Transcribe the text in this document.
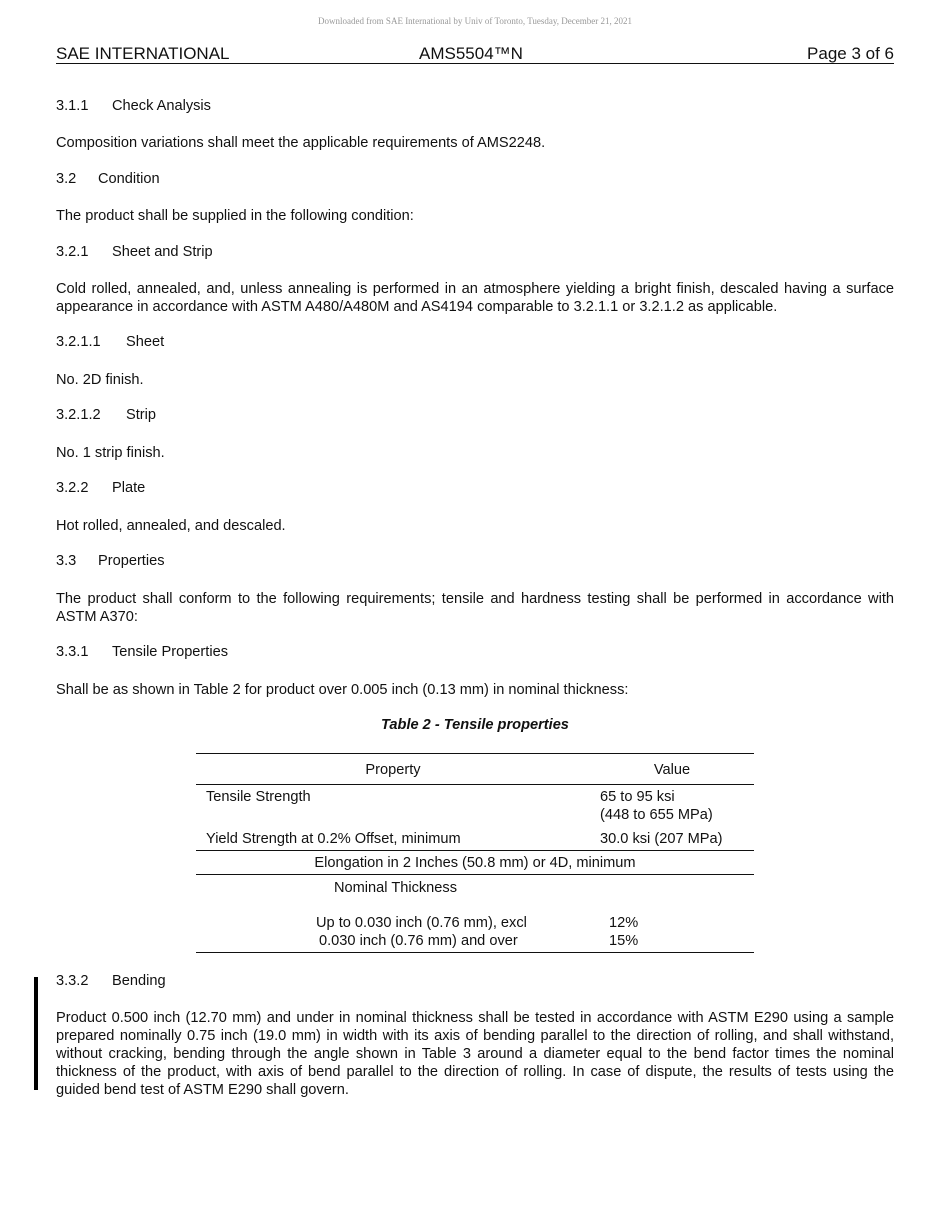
Downloaded from SAE International by Univ of Toronto, Tuesday, December 21, 2021
SAE INTERNATIONAL	AMS5504™N	Page 3 of 6
3.1.1 Check Analysis

Composition variations shall meet the applicable requirements of AMS2248.

3.2 Condition

The product shall be supplied in the following condition:

3.2.1 Sheet and Strip

Cold rolled, annealed, and, unless annealing is performed in an atmosphere yielding a bright finish, descaled having a surface appearance in accordance with ASTM A480/A480M and AS4194 comparable to 3.2.1.1 or 3.2.1.2 as applicable.

3.2.1.1 Sheet

No. 2D finish.

3.2.1.2 Strip

No. 1 strip finish.

3.2.2 Plate

Hot rolled, annealed, and descaled.

3.3 Properties

The product shall conform to the following requirements; tensile and hardness testing shall be performed in accordance with ASTM A370:

3.3.1 Tensile Properties

Shall be as shown in Table 2 for product over 0.005 inch (0.13 mm) in nominal thickness:

Table 2 - Tensile properties
Property	Value
Tensile Strength	65 to 95 ksi
(448 to 655 MPa)
Yield Strength at 0.2% Offset, minimum	30.0 ksi (207 MPa)
Elongation in 2 Inches (50.8 mm) or 4D, minimum
Nominal Thickness
Up to 0.030 inch (0.76 mm), excl	12%
0.030 inch (0.76 mm) and over	15%
3.3.2 Bending

Product 0.500 inch (12.70 mm) and under in nominal thickness shall be tested in accordance with ASTM E290 using a sample prepared nominally 0.75 inch (19.0 mm) in width with its axis of bending parallel to the direction of rolling, and shall withstand, without cracking, bending through the angle shown in Table 3 around a diameter equal to the bend factor times the nominal thickness of the product, with axis of bend parallel to the direction of rolling. In case of dispute, the results of tests using the guided bend test of ASTM E290 shall govern.
